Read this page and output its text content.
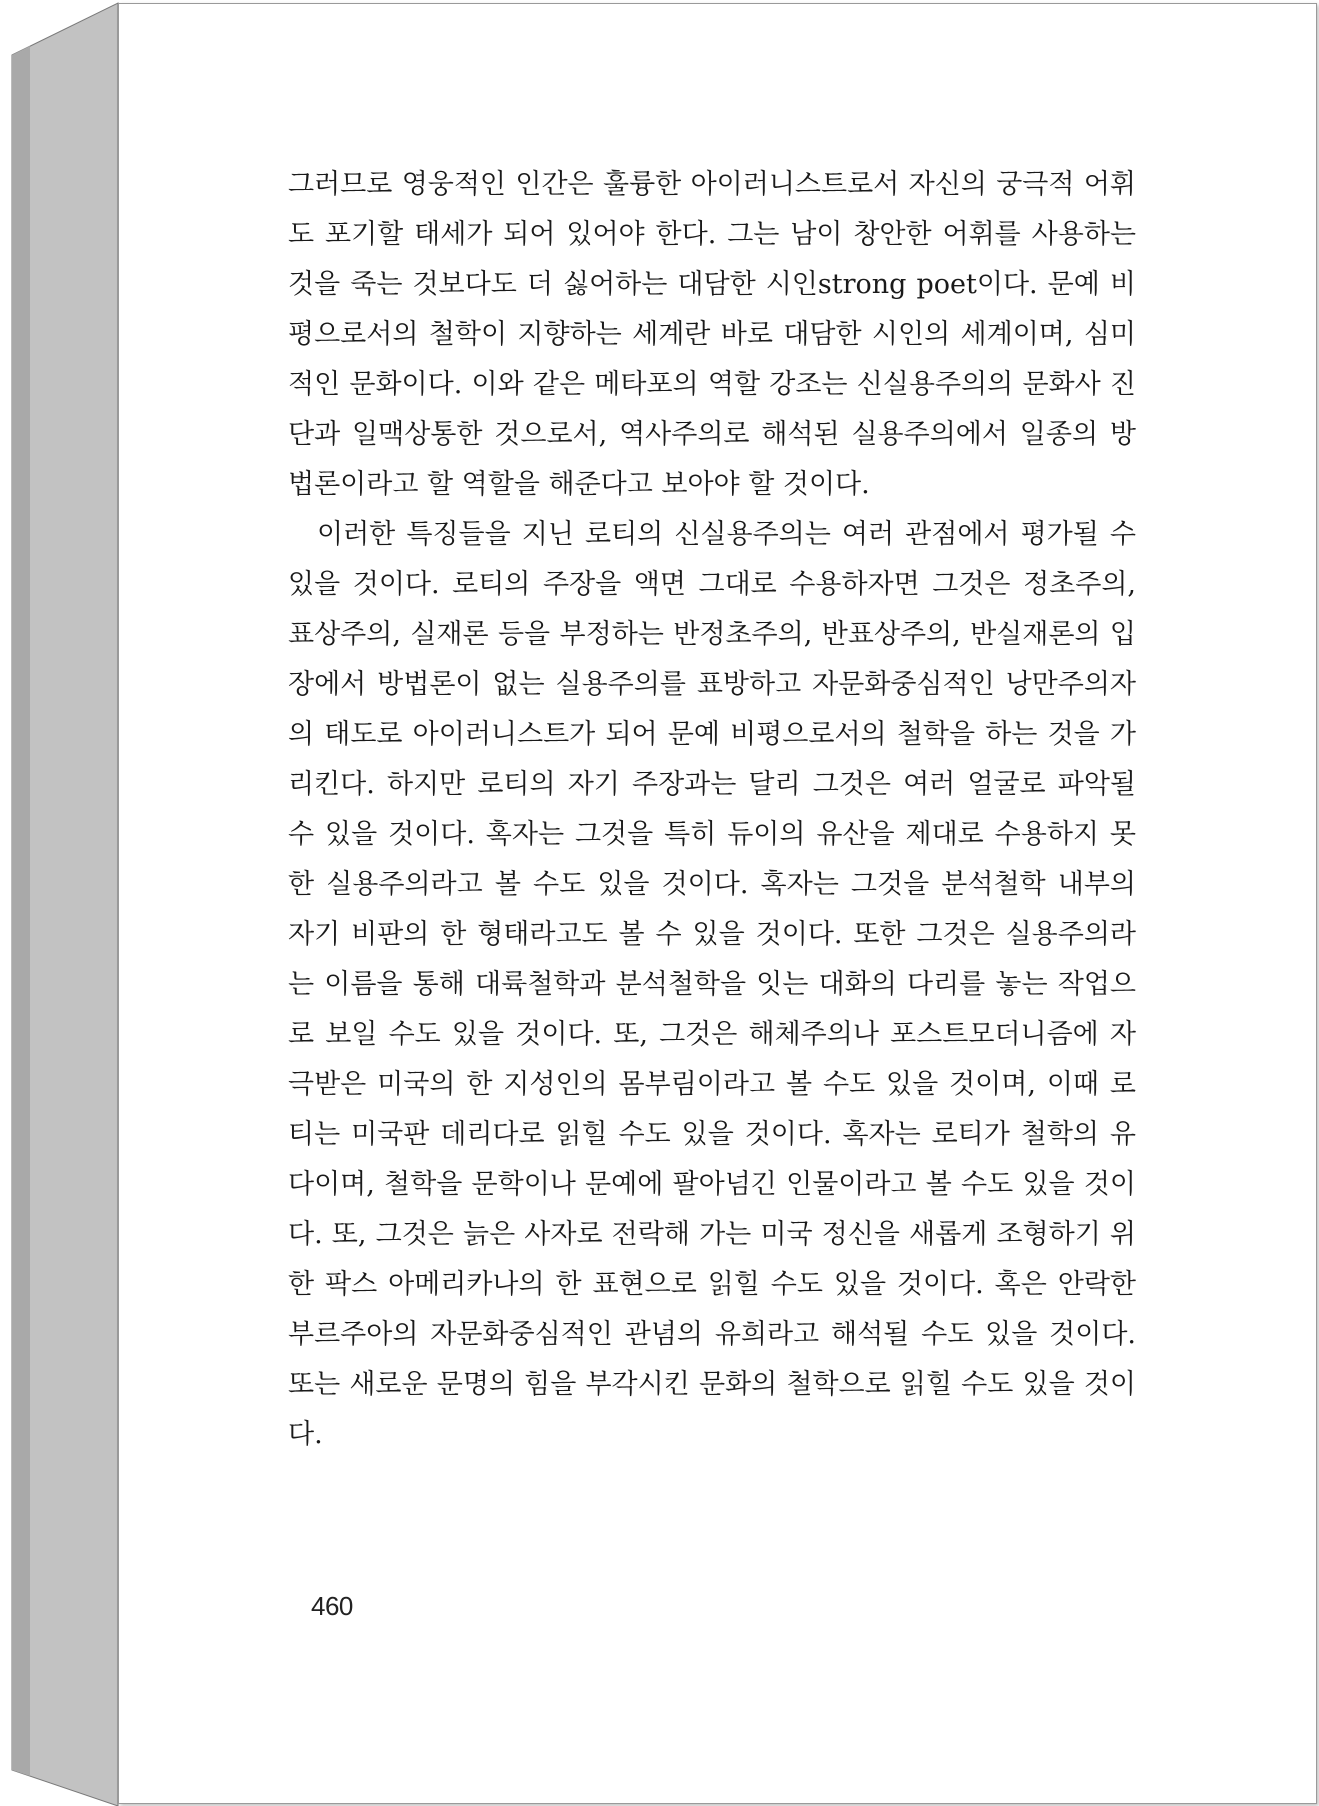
그러므로 영웅적인 인간은 훌륭한 아이러니스트로서 자신의 궁극적 어휘도 포기할 태세가 되어 있어야 한다. 그는 남이 창안한 어휘를 사용하는 것을 죽는 것보다도 더 싫어하는 대담한 시인strong poet이다. 문예 비평으로서의 철학이 지향하는 세계란 바로 대담한 시인의 세계이며, 심미적인 문화이다. 이와 같은 메타포의 역할 강조는 신실용주의의 문화사 진단과 일맥상통한 것으로서, 역사주의로 해석된 실용주의에서 일종의 방법론이라고 할 역할을 해준다고 보아야 할 것이다.

이러한 특징들을 지닌 로티의 신실용주의는 여러 관점에서 평가될 수 있을 것이다. 로티의 주장을 액면 그대로 수용하자면 그것은 정초주의, 표상주의, 실재론 등을 부정하는 반정초주의, 반표상주의, 반실재론의 입장에서 방법론이 없는 실용주의를 표방하고 자문화중심적인 낭만주의자의 태도로 아이러니스트가 되어 문예 비평으로서의 철학을 하는 것을 가리킨다. 하지만 로티의 자기 주장과는 달리 그것은 여러 얼굴로 파악될 수 있을 것이다. 혹자는 그것을 특히 듀이의 유산을 제대로 수용하지 못한 실용주의라고 볼 수도 있을 것이다. 혹자는 그것을 분석철학 내부의 자기 비판의 한 형태라고도 볼 수 있을 것이다. 또한 그것은 실용주의라는 이름을 통해 대륙철학과 분석철학을 잇는 대화의 다리를 놓는 작업으로 보일 수도 있을 것이다. 또, 그것은 해체주의나 포스트모더니즘에 자극받은 미국의 한 지성인의 몸부림이라고 볼 수도 있을 것이며, 이때 로티는 미국판 데리다로 읽힐 수도 있을 것이다. 혹자는 로티가 철학의 유다이며, 철학을 문학이나 문예에 팔아넘긴 인물이라고 볼 수도 있을 것이다. 또, 그것은 늙은 사자로 전락해 가는 미국 정신을 새롭게 조형하기 위한 팍스 아메리카나의 한 표현으로 읽힐 수도 있을 것이다. 혹은 안락한 부르주아의 자문화중심적인 관념의 유희라고 해석될 수도 있을 것이다. 또는 새로운 문명의 힘을 부각시킨 문화의 철학으로 읽힐 수도 있을 것이다.

460
